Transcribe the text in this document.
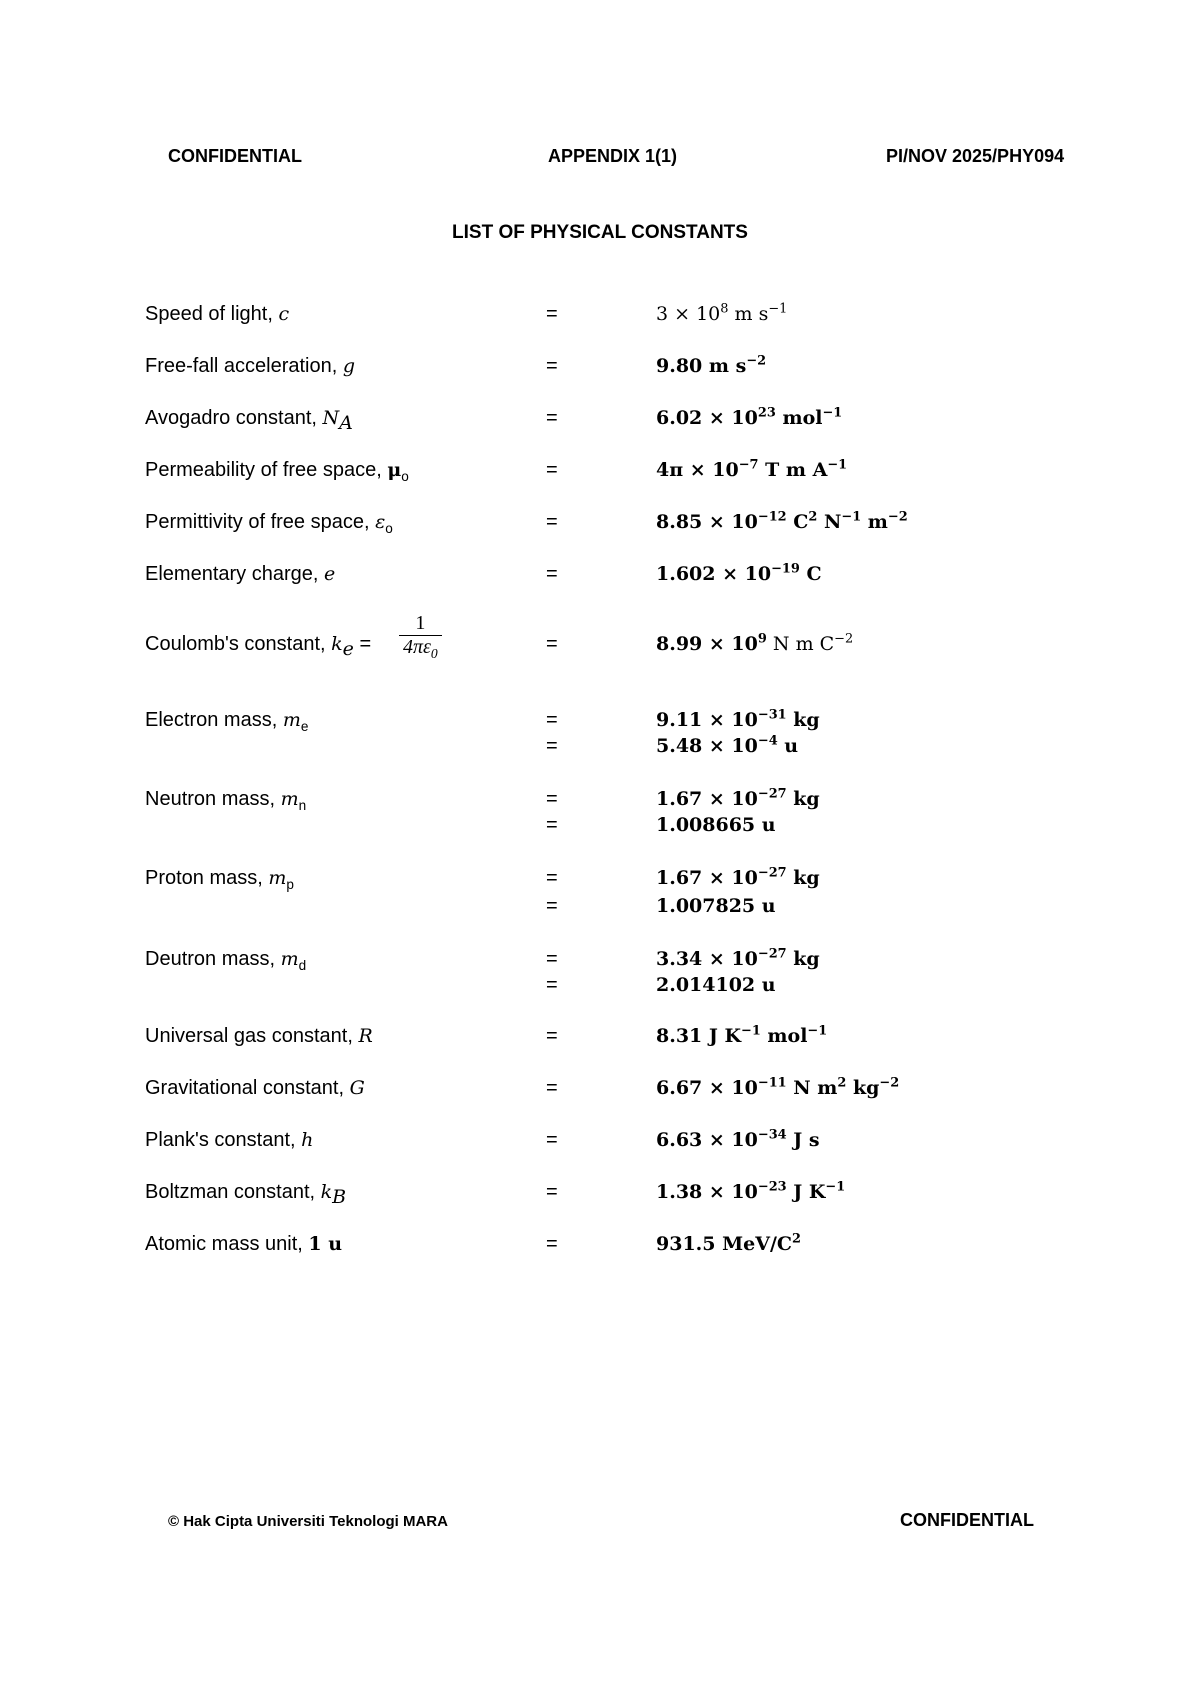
CONFIDENTIAL	APPENDIX 1(1)	PI/NOV 2025/PHY094
LIST OF PHYSICAL CONSTANTS
Speed of light, c	=	$3 \times 10^8$ m $s^{-1}$
Free-fall acceleration, g	=	9.80 m $s^{-2}$
Avogadro constant, $N_A$	=	$6.02 \times 10^{23}$ mol$^{-1}$
Permeability of free space, $\mu_o$	=	$4\pi \times 10^{-7}$ T m $A^{-1}$
Permittivity of free space, $\varepsilon_o$	=	$8.85 \times 10^{-12}$ $C^2$ $N^{-1}$ $m^{-2}$
Elementary charge, e	=	$1.602 \times 10^{-19}$ C
Coulomb's constant, $k_e = \frac{1}{4\pi\varepsilon_0}$	=	$8.99 \times 10^9$ N m $C^{-2}$
Electron mass, $m_e$	=	$9.11 \times 10^{-31}$ kg
=	$5.48 \times 10^{-4}$ u
Neutron mass, $m_n$	=	$1.67 \times 10^{-27}$ kg
=	1.008665 u
Proton mass, $m_p$	=	$1.67 \times 10^{-27}$ kg
=	1.007825 u
Deutron mass, $m_d$	=	$3.34 \times 10^{-27}$ kg
=	2.014102 u
Universal gas constant, R	=	8.31 J $K^{-1}$ mol$^{-1}$
Gravitational constant, G	=	$6.67 \times 10^{-11}$ N $m^2$ $kg^{-2}$
Plank's constant, h	=	$6.63 \times 10^{-34}$ J s
Boltzman constant, $k_B$	=	$1.38 \times 10^{-23}$ J $K^{-1}$
Atomic mass unit, 1 u	=	931.5 MeV/$C^2$
© Hak Cipta Universiti Teknologi MARA	CONFIDENTIAL
